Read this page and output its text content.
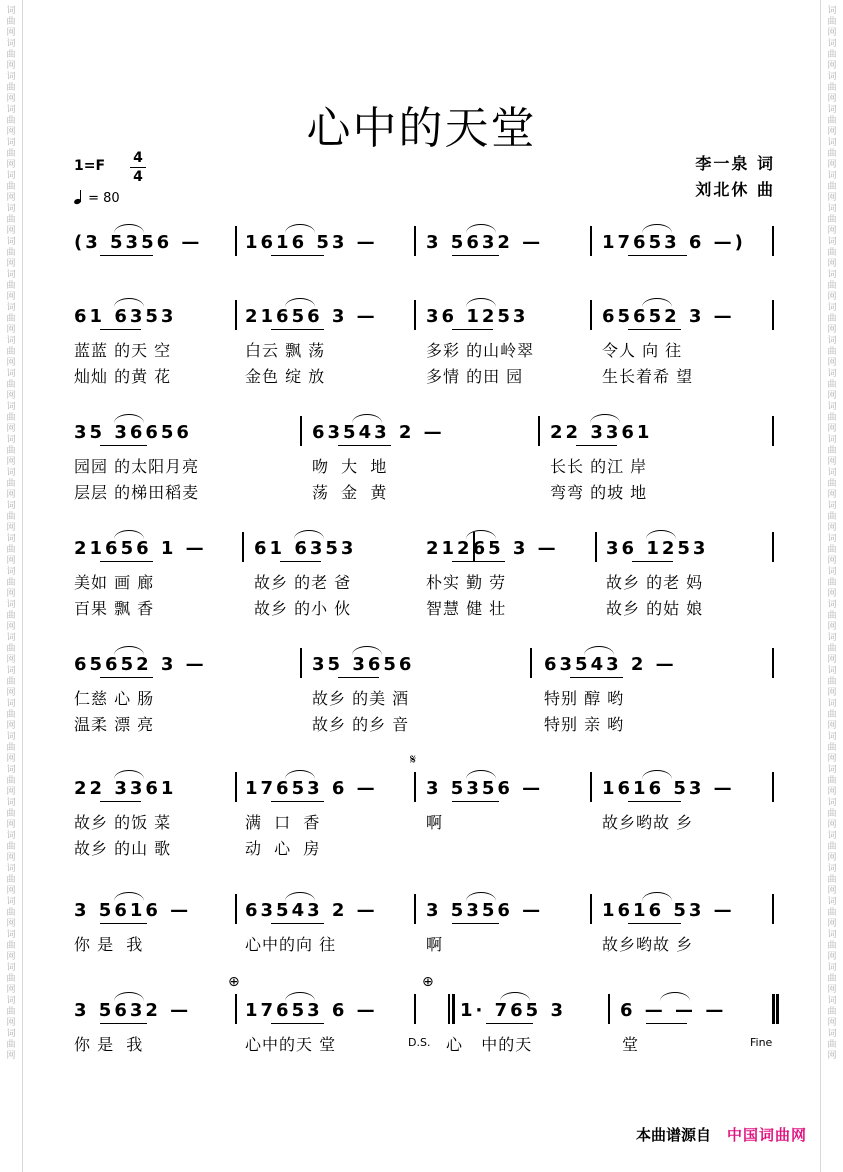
词曲网词曲网词曲网词曲网词曲网词曲网词曲网词曲网词曲网词曲网词曲网词曲网词曲网词曲网词曲网词曲网词曲网词曲网词曲网词曲网词曲网词曲网词曲网词曲网词曲网词曲网词曲网词曲网词曲网词曲网词曲网词曲网
词曲网词曲网词曲网词曲网词曲网词曲网词曲网词曲网词曲网词曲网词曲网词曲网词曲网词曲网词曲网词曲网词曲网词曲网词曲网词曲网词曲网词曲网词曲网词曲网词曲网词曲网词曲网词曲网词曲网词曲网词曲网词曲网
心中的天堂
1=F 4
4
= 80
李一泉 词
刘北休 曲
(3 5356 — 1616 53 —	3 5632 —	17653 6 —)
61 6353	21656 3 —	36 1253	65652 3 —
蓝蓝 的天 空	白云 飘 荡	多彩 的山岭翠	令人 向 往
灿灿 的黄 花	金色 绽 放	多情 的田 园	生长着希 望
35 36656	63543 2 —	22 3361
园园 的太阳月亮	吻  大  地	长长 的江 岸
层层 的梯田稻麦	荡  金  黄	弯弯 的坡 地
21656 1 —	61 6353	21265 3 —	36 1253
美如 画 廊	故乡 的老 爸	朴实 勤 劳	故乡 的老 妈
百果 飘 香	故乡 的小 伙	智慧 健 壮	故乡 的姑 娘
65652 3 —	35 3656	63543 2 —
仁慈 心 肠	故乡 的美 酒	特别 醇 哟
温柔 漂 亮	故乡 的乡 音	特别 亲 哟
22 3361	17653 6 —	3 5356 —	1616 53 —
故乡 的饭 菜	满  口  香	啊	故乡哟故 乡
故乡 的山 歌	动  心  房
3 5616 —	63543 2 —	3 5356 —	1616 53 —
你 是  我	心中的向 往	啊	故乡哟故 乡
3 5632 —	17653 6 —	1· 765 3	6 — — —
你 是  我	心中的天 堂	心   中的天	堂
本曲谱源自 中国词曲网
𝄋
⊕	⊕
D.S.	Fine
